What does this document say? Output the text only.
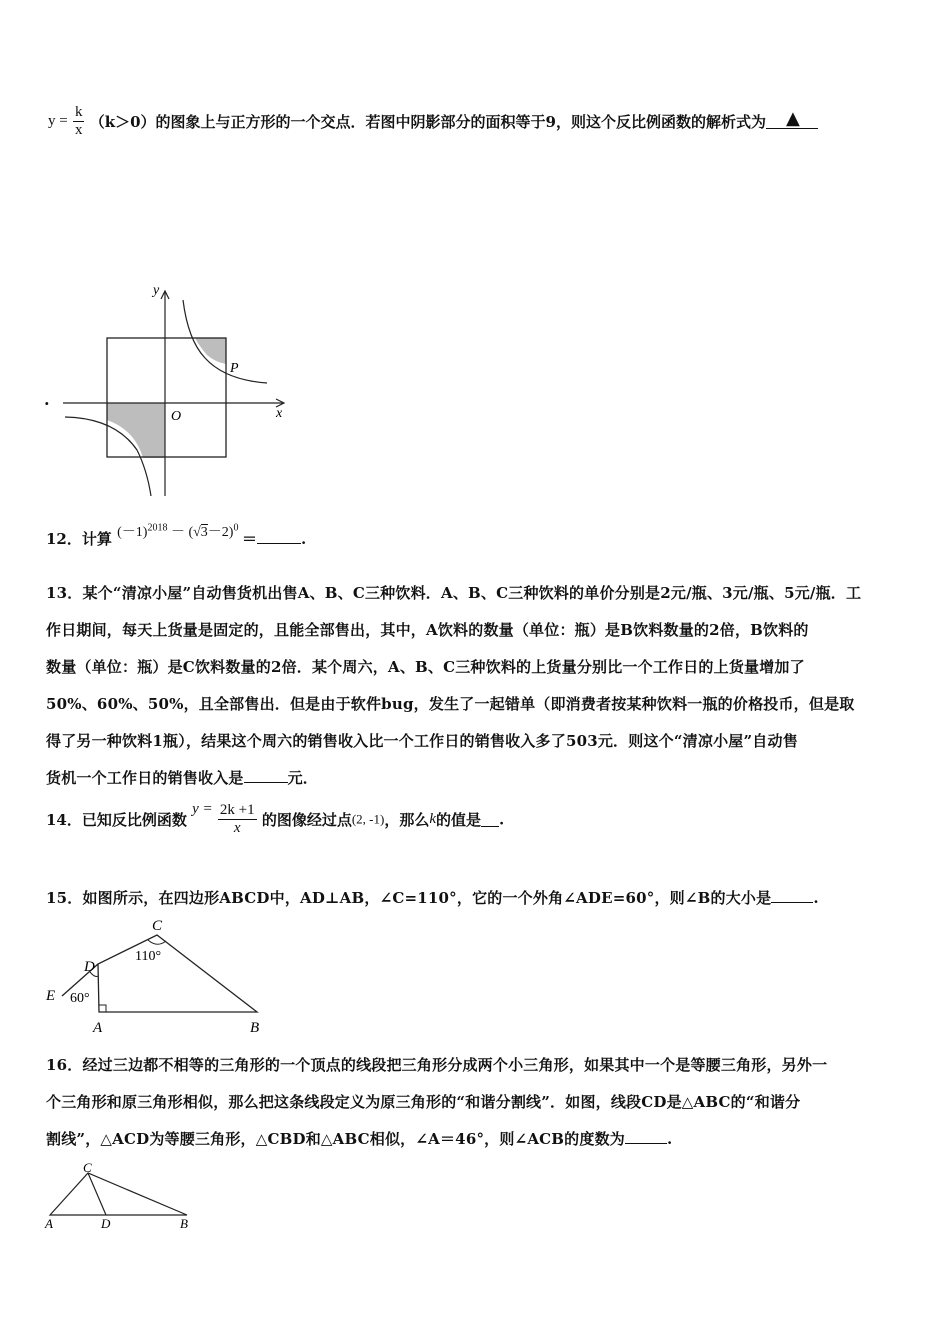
$y = \frac{k}{x} (k>0)$的图象上与正方形的一个交点．若图中阴影部分的面积等于9，则这个反比例函数的解析式为 ▲
.
y
x
O
P
12．计算 $(-1)^{2018} - (√3-2)^0$ ＝	.
13．某个“清凉小屋”自动售货机出售A、B、C三种饮料．A、B、C三种饮料的单价分别是2元/瓶、3元/瓶、5元/瓶．工
作日期间，每天上货量是固定的，且能全部售出，其中，A饮料的数量（单位：瓶）是B饮料数量的2倍，B饮料的
数量（单位：瓶）是C饮料数量的2倍．某个周六，A、B、C三种饮料的上货量分别比一个工作日的上货量增加了
50%、60%、50%，且全部售出．但是由于软件bug，发生了一起错单（即消费者按某种饮料一瓶的价格投币，但是取
得了另一种饮料1瓶），结果这个周六的销售收入比一个工作日的销售收入多了503元．则这个“清凉小屋”自动售
货机一个工作日的销售收入是	元．
14．已知反比例函数 $y = \frac{2k +1}{x}$ 的图像经过点(2, -1)，那么k的值是 .
15．如图所示，在四边形ABCD中，AD⊥AB，∠C=110°，它的一个外角∠ADE=60°，则∠B的大小是	.
C
D
E
A	B
110°
60°
16．经过三边都不相等的三角形的一个顶点的线段把三角形分成两个小三角形，如果其中一个是等腰三角形，另外一
个三角形和原三角形相似，那么把这条线段定义为原三角形的“和谐分割线”．如图，线段CD是△ABC的“和谐分
割线”，△ACD为等腰三角形，△CBD和△ABC相似，∠A＝46°，则∠ACB的度数为	.
C
A	D	B
